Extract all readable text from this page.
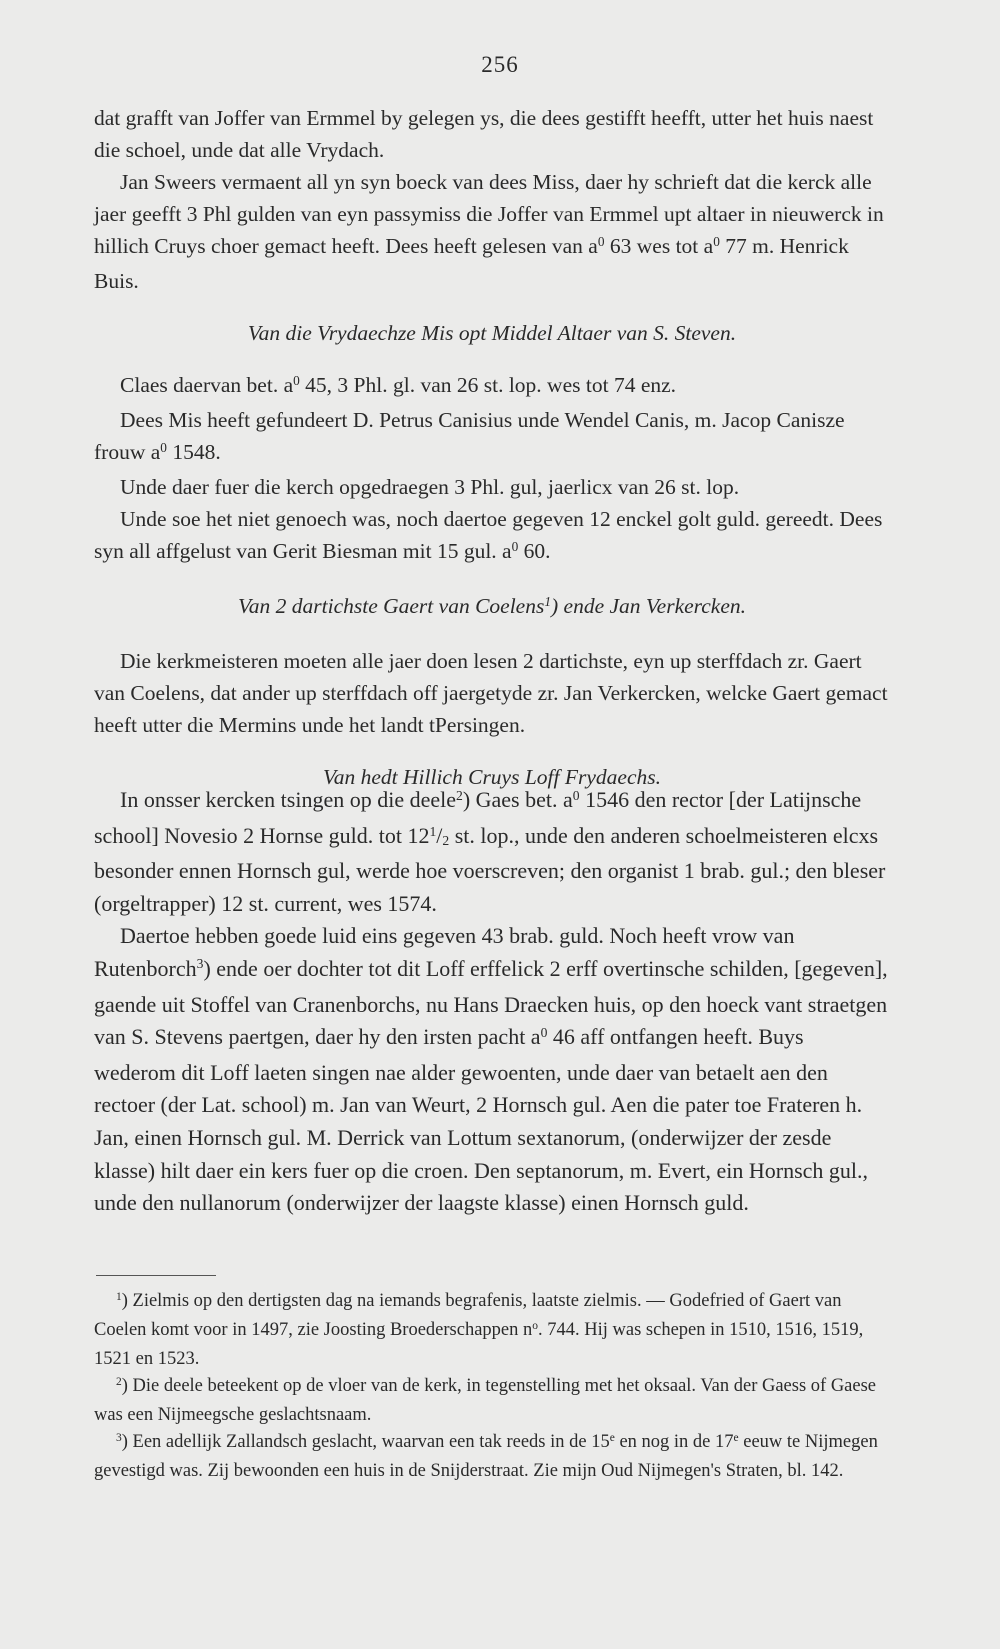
256

dat grafft van Joffer van Ermmel by gelegen ys, die dees gestifft heefft, utter het huis naest die schoel, unde dat alle Vrydach.

Jan Sweers vermaent all yn syn boeck van dees Miss, daer hy schrieft dat die kerck alle jaer geefft 3 Phl gulden van eyn passymiss die Joffer van Ermmel upt altaer in nieuwerck in hillich Cruys choer gemact heeft. Dees heeft gelesen van $a^0$ 63 wes tot $a^0$ 77 m. Henrick Buis.

Van die Vrydaechze Mis opt Middel Altaer van S. Steven.

Claes daervan bet. $a^0$ 45, 3 Phl. gl. van 26 st. lop. wes tot 74 enz.

Dees Mis heeft gefundeert D. Petrus Canisius unde Wendel Canis, m. Jacop Canisze frouw $a^0$ 1548.

Unde daer fuer die kerch opgedraegen 3 Phl. gul, jaerlicx van 26 st. lop.

Unde soe het niet genoech was, noch daertoe gegeven 12 enckel golt guld. gereedt. Dees syn all affgelust van Gerit Biesman mit 15 gul. $a^0$ 60.

Van 2 dartichste Gaert van Coelens$^1$) ende Jan Verkercken.

Die kerkmeisteren moeten alle jaer doen lesen 2 dartichste, eyn up sterffdach zr. Gaert van Coelens, dat ander up sterffdach off jaergetyde zr. Jan Verkercken, welcke Gaert gemact heeft utter die Mermins unde het landt tPersingen.

Van hedt Hillich Cruys Loff Frydaechs.

In onsser kercken tsingen op die deele$^2$) Gaes bet. $a^0$ 1546 den rector [der Latijnsche school] Novesio 2 Hornse guld. tot $12^1/2$ st. lop., unde den anderen schoelmeisteren elcxs besonder ennen Hornsch gul, werde hoe voerscreven; den organist 1 brab. gul.; den bleser (orgeltrapper) 12 st. current, wes 1574.

Daertoe hebben goede luid eins gegeven 43 brab. guld. Noch heeft vrow van Rutenborch$^3$) ende oer dochter tot dit Loff erffelick 2 erff overtinsche schilden, [gegeven], gaende uit Stoffel van Cranenborchs, nu Hans Draecken huis, op den hoeck vant straetgen van S. Stevens paertgen, daer hy den irsten pacht $a^0$ 46 aff ontfangen heeft. Buys wederom dit Loff laeten singen nae alder gewoenten, unde daer van betaelt aen den rectoer (der Lat. school) m. Jan van Weurt, 2 Hornsch gul. Aen die pater toe Frateren h. Jan, einen Hornsch gul. M. Derrick van Lottum sextanorum, (onderwijzer der zesde klasse) hilt daer ein kers fuer op die croen. Den septanorum, m. Evert, ein Hornsch gul., unde den nullanorum (onderwijzer der laagste klasse) einen Hornsch guld.

$^1$) Zielmis op den dertigsten dag na iemands begrafenis, laatste zielmis. — Godefried of Gaert van Coelen komt voor in 1497, zie Joosting Broederschappen $n^o$. 744. Hij was schepen in 1510, 1516, 1519, 1521 en 1523.

$^2$) Die deele beteekent op de vloer van de kerk, in tegenstelling met het oksaal. Van der Gaess of Gaese was een Nijmeegsche geslachtsnaam.

$^3$) Een adellijk Zallandsch geslacht, waarvan een tak reeds in de 15e en nog in de 17e eeuw te Nijmegen gevestigd was. Zij bewoonden een huis in de Snijderstraat. Zie mijn Oud Nijmegen's Straten, bl. 142.
